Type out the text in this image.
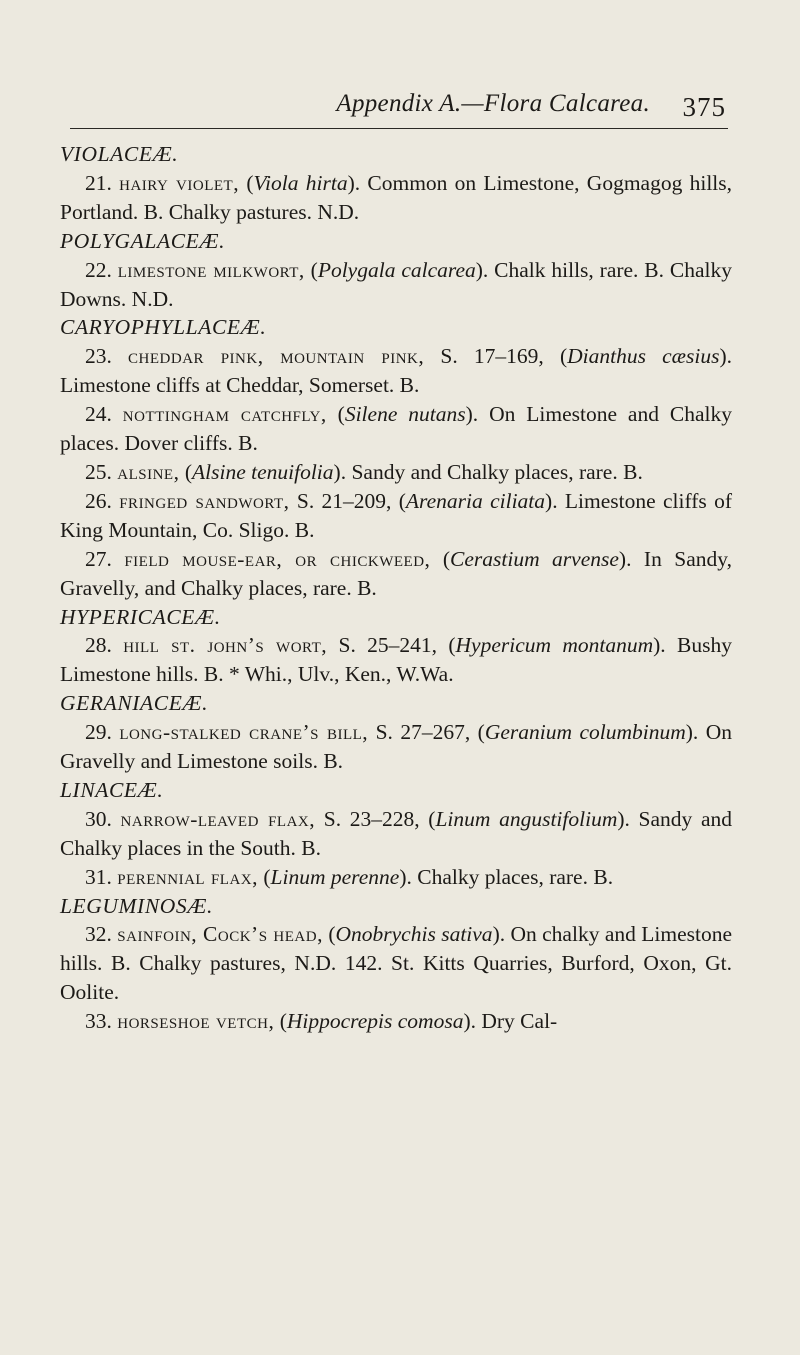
Appendix A.—Flora Calcarea. 375

VIOLACEÆ.

21. hairy violet, (Viola hirta). Common on Limestone, Gogmagog hills, Portland. B. Chalky pastures. N.D.

POLYGALACEÆ.

22. limestone milkwort, (Polygala calcarea). Chalk hills, rare. B. Chalky Downs. N.D.

CARYOPHYLLACEÆ.

23. cheddar pink, mountain pink, S. 17–169, (Dianthus cæsius). Limestone cliffs at Cheddar, Somerset. B.

24. nottingham catchfly, (Silene nutans). On Limestone and Chalky places. Dover cliffs. B.

25. alsine, (Alsine tenuifolia). Sandy and Chalky places, rare. B.

26. fringed sandwort, S. 21–209, (Arenaria ciliata). Limestone cliffs of King Mountain, Co. Sligo. B.

27. field mouse-ear, or chickweed, (Cerastium arvense). In Sandy, Gravelly, and Chalky places, rare. B.

HYPERICACEÆ.

28. hill st. john’s wort, S. 25–241, (Hypericum montanum). Bushy Limestone hills. B. * Whi., Ulv., Ken., W.Wa.

GERANIACEÆ.

29. long-stalked crane’s bill, S. 27–267, (Geranium columbinum). On Gravelly and Limestone soils. B.

LINACEÆ.

30. narrow-leaved flax, S. 23–228, (Linum angustifolium). Sandy and Chalky places in the South. B.

31. perennial flax, (Linum perenne). Chalky places, rare. B.

LEGUMINOSÆ.

32. sainfoin, Cock’s head, (Onobrychis sativa). On chalky and Limestone hills. B. Chalky pastures, N.D. 142. St. Kitts Quarries, Burford, Oxon, Gt. Oolite.

33. horseshoe vetch, (Hippocrepis comosa). Dry Cal-
